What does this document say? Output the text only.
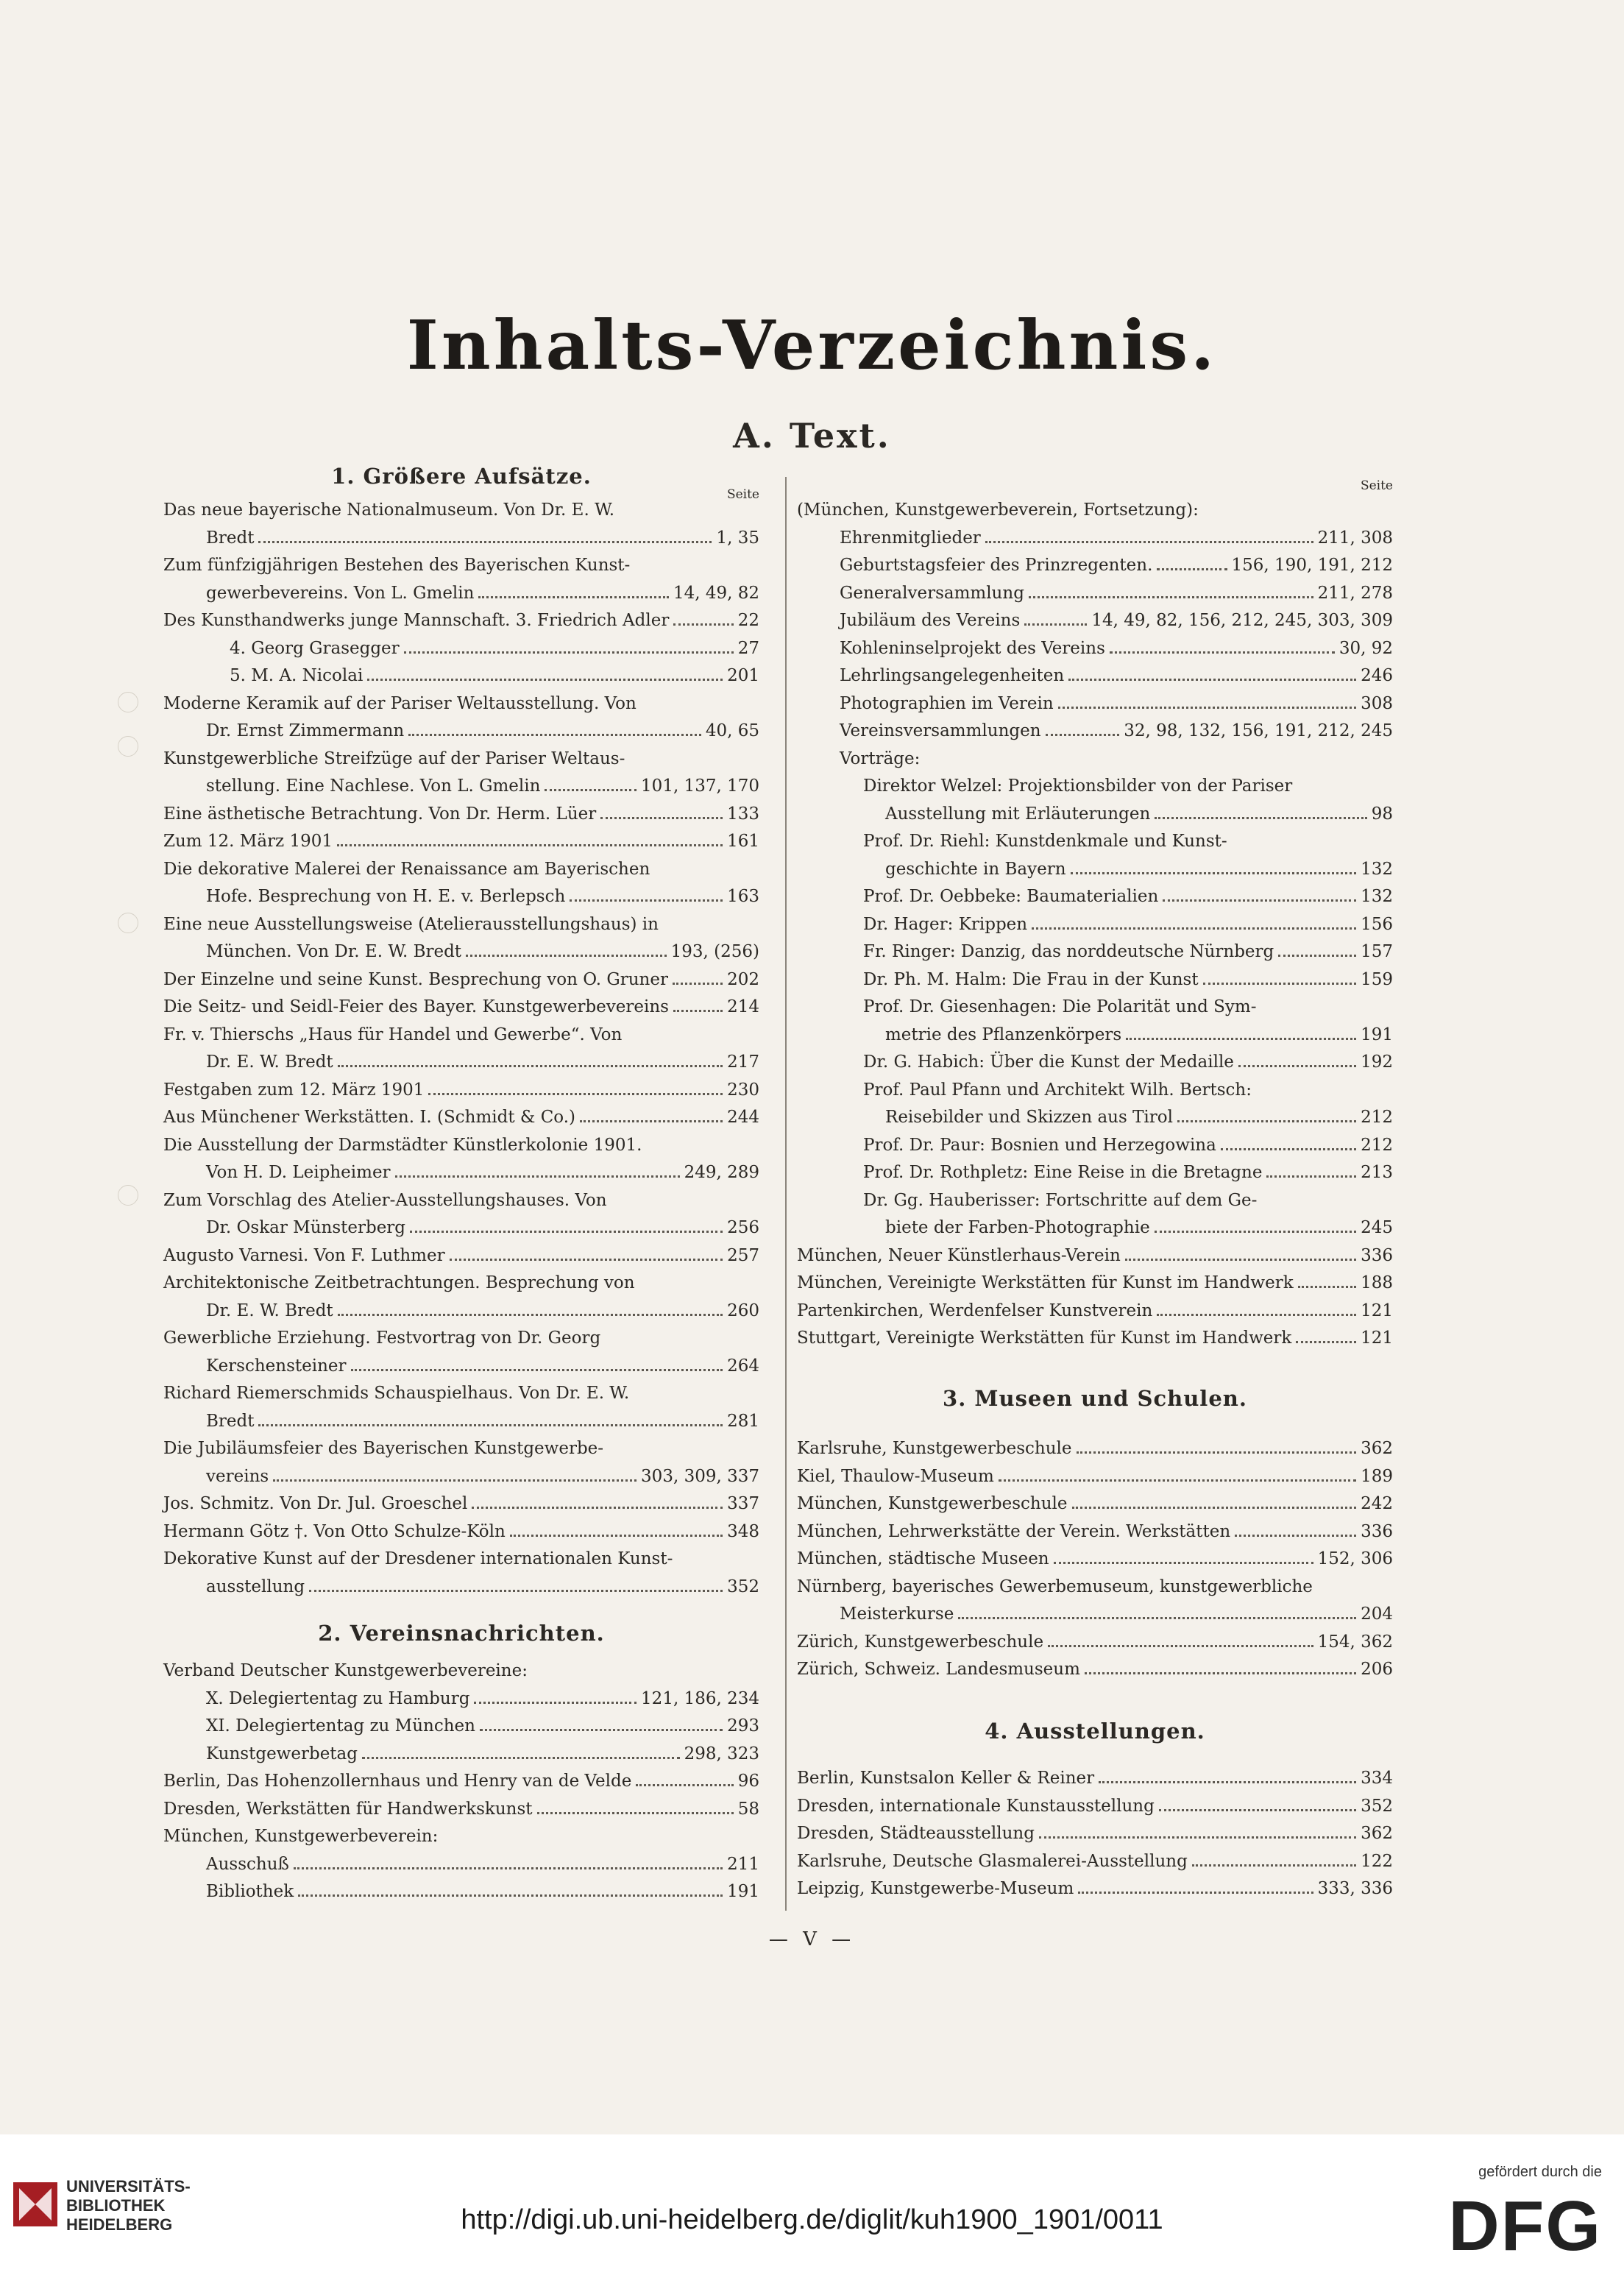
Inhalts-Verzeichnis.
A. Text.
1. Größere Aufsätze.
Seite
Das neue bayerische Nationalmuseum. Von Dr. E. W.
Bredt	1, 35
Zum fünfzigjährigen Bestehen des Bayerischen Kunst-
gewerbevereins. Von L. Gmelin	14, 49, 82
Des Kunsthandwerks junge Mannschaft. 3. Friedrich Adler	22
4. Georg Grasegger	27
5. M. A. Nicolai	201
Moderne Keramik auf der Pariser Weltausstellung. Von
Dr. Ernst Zimmermann	40, 65
Kunstgewerbliche Streifzüge auf der Pariser Weltaus-
stellung. Eine Nachlese. Von L. Gmelin	101, 137, 170
Eine ästhetische Betrachtung. Von Dr. Herm. Lüer	133
Zum 12. März 1901	161
Die dekorative Malerei der Renaissance am Bayerischen
Hofe. Besprechung von H. E. v. Berlepsch	163
Eine neue Ausstellungsweise (Atelierausstellungshaus) in
München. Von Dr. E. W. Bredt	193, (256)
Der Einzelne und seine Kunst. Besprechung von O. Gruner	202
Die Seitz- und Seidl-Feier des Bayer. Kunstgewerbevereins	214
Fr. v. Thierschs „Haus für Handel und Gewerbe“. Von
Dr. E. W. Bredt	217
Festgaben zum 12. März 1901	230
Aus Münchener Werkstätten. I. (Schmidt & Co.)	244
Die Ausstellung der Darmstädter Künstlerkolonie 1901.
Von H. D. Leipheimer	249, 289
Zum Vorschlag des Atelier-Ausstellungshauses. Von
Dr. Oskar Münsterberg	256
Augusto Varnesi. Von F. Luthmer	257
Architektonische Zeitbetrachtungen. Besprechung von
Dr. E. W. Bredt	260
Gewerbliche Erziehung. Festvortrag von Dr. Georg
Kerschensteiner	264
Richard Riemerschmids Schauspielhaus. Von Dr. E. W.
Bredt	281
Die Jubiläumsfeier des Bayerischen Kunstgewerbe-
vereins	303, 309, 337
Jos. Schmitz. Von Dr. Jul. Groeschel	337
Hermann Götz †. Von Otto Schulze-Köln	348
Dekorative Kunst auf der Dresdener internationalen Kunst-
ausstellung	352
2. Vereinsnachrichten.
Verband Deutscher Kunstgewerbevereine:
X. Delegiertentag zu Hamburg	121, 186, 234
XI. Delegiertentag zu München	293
Kunstgewerbetag	298, 323
Berlin, Das Hohenzollernhaus und Henry van de Velde	96
Dresden, Werkstätten für Handwerkskunst	58
München, Kunstgewerbeverein:
Ausschuß	211
Bibliothek	191
Seite
(München, Kunstgewerbeverein, Fortsetzung):
Ehrenmitglieder	211, 308
Geburtstagsfeier des Prinzregenten.	156, 190, 191, 212
Generalversammlung	211, 278
Jubiläum des Vereins	14, 49, 82, 156, 212, 245, 303, 309
Kohleninselprojekt des Vereins	30, 92
Lehrlingsangelegenheiten	246
Photographien im Verein	308
Vereinsversammlungen	32, 98, 132, 156, 191, 212, 245
Vorträge:
Direktor Welzel: Projektionsbilder von der Pariser
Ausstellung mit Erläuterungen	98
Prof. Dr. Riehl: Kunstdenkmale und Kunst-
geschichte in Bayern	132
Prof. Dr. Oebbeke: Baumaterialien	132
Dr. Hager: Krippen	156
Fr. Ringer: Danzig, das norddeutsche Nürnberg	157
Dr. Ph. M. Halm: Die Frau in der Kunst	159
Prof. Dr. Giesenhagen: Die Polarität und Sym-
metrie des Pflanzenkörpers	191
Dr. G. Habich: Über die Kunst der Medaille	192
Prof. Paul Pfann und Architekt Wilh. Bertsch:
Reisebilder und Skizzen aus Tirol	212
Prof. Dr. Paur: Bosnien und Herzegowina	212
Prof. Dr. Rothpletz: Eine Reise in die Bretagne	213
Dr. Gg. Hauberisser: Fortschritte auf dem Ge-
biete der Farben-Photographie	245
München, Neuer Künstlerhaus-Verein	336
München, Vereinigte Werkstätten für Kunst im Handwerk	188
Partenkirchen, Werdenfelser Kunstverein	121
Stuttgart, Vereinigte Werkstätten für Kunst im Handwerk	121
3. Museen und Schulen.
Karlsruhe, Kunstgewerbeschule	362
Kiel, Thaulow-Museum	189
München, Kunstgewerbeschule	242
München, Lehrwerkstätte der Verein. Werkstätten	336
München, städtische Museen	152, 306
Nürnberg, bayerisches Gewerbemuseum, kunstgewerbliche
Meisterkurse	204
Zürich, Kunstgewerbeschule	154, 362
Zürich, Schweiz. Landesmuseum	206
4. Ausstellungen.
Berlin, Kunstsalon Keller & Reiner	334
Dresden, internationale Kunstausstellung	352
Dresden, Städteausstellung	362
Karlsruhe, Deutsche Glasmalerei-Ausstellung	122
Leipzig, Kunstgewerbe-Museum	333, 336
— V —
UNIVERSITÄTS-
BIBLIOTHEK
HEIDELBERG	http://digi.ub.uni-heidelberg.de/diglit/kuh1900_1901/0011
gefördert durch die
DFG
